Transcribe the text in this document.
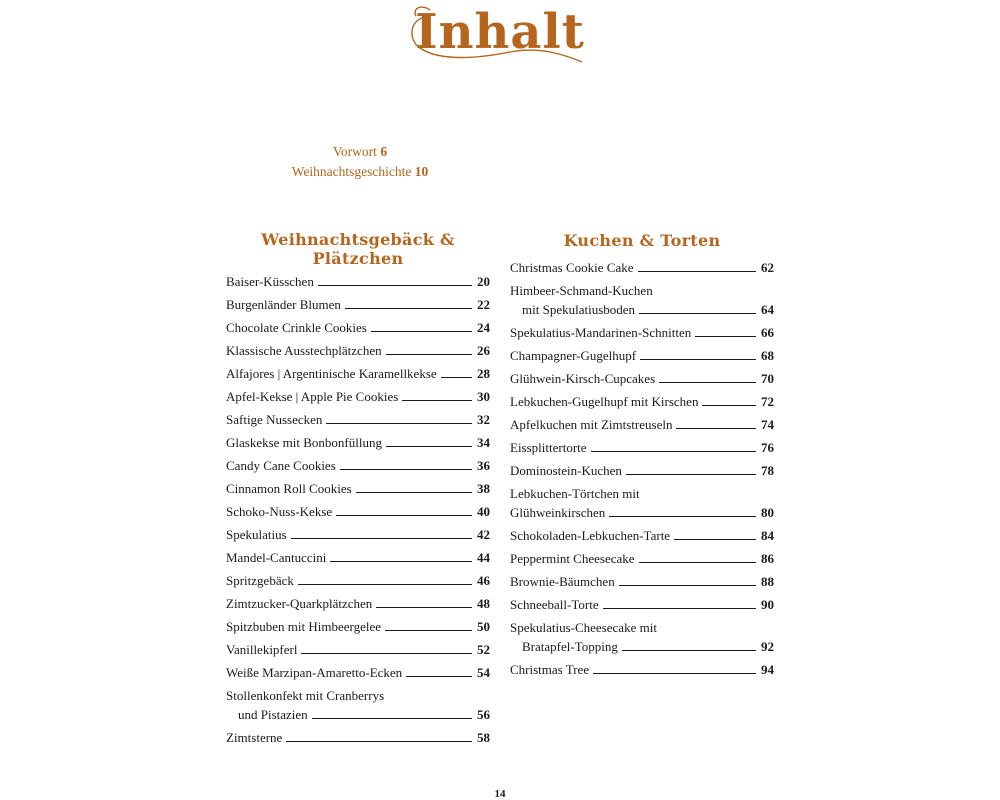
Inhalt
Vorwort 6
Weihnachtsgeschichte 10
Weihnachtsgebäck & Plätzchen
Baiser-Küsschen	20
Burgenländer Blumen	22
Chocolate Crinkle Cookies	24
Klassische Ausstechplätzchen	26
Alfajores | Argentinische Karamellkekse	28
Apfel-Kekse | Apple Pie Cookies	30
Saftige Nussecken	32
Glaskekse mit Bonbonfüllung	34
Candy Cane Cookies	36
Cinnamon Roll Cookies	38
Schoko-Nuss-Kekse	40
Spekulatius	42
Mandel-Cantuccini	44
Spritzgebäck	46
Zimtzucker-Quarkplätzchen	48
Spitzbuben mit Himbeergelee	50
Vanillekipferl	52
Weiße Marzipan-Amaretto-Ecken	54
Stollenkonfekt mit Cranberrys
und Pistazien	56
Zimtsterne	58
Kuchen & Torten
Christmas Cookie Cake	62
Himbeer-Schmand-Kuchen
mit Spekulatiusboden	64
Spekulatius-Mandarinen-Schnitten	66
Champagner-Gugelhupf	68
Glühwein-Kirsch-Cupcakes	70
Lebkuchen-Gugelhupf mit Kirschen	72
Apfelkuchen mit Zimtstreuseln	74
Eissplittertorte	76
Dominostein-Kuchen	78
Lebkuchen-Törtchen mit
Glühweinkirschen	80
Schokoladen-Lebkuchen-Tarte	84
Peppermint Cheesecake	86
Brownie-Bäumchen	88
Schneeball-Torte	90
Spekulatius-Cheesecake mit
Bratapfel-Topping	92
Christmas Tree	94
14
